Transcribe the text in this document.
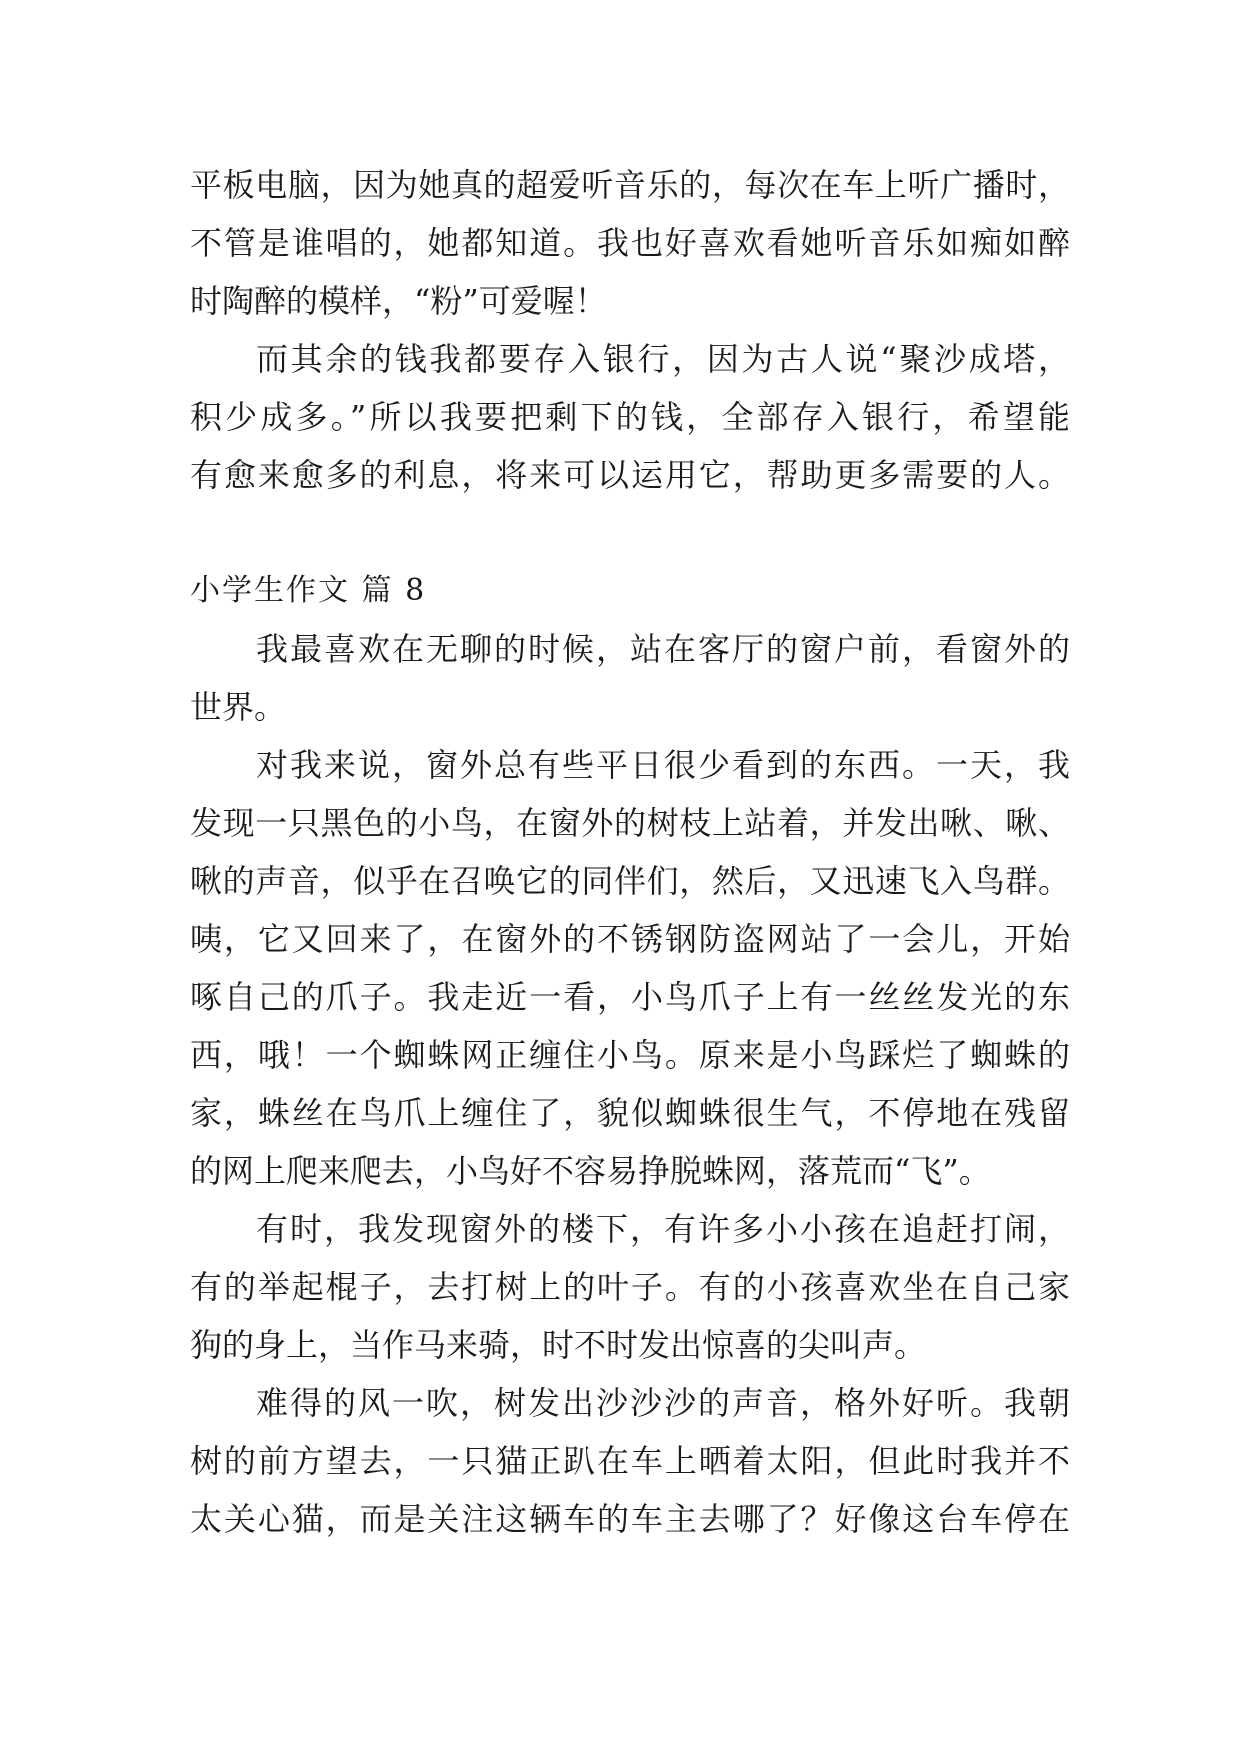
平板电脑，因为她真的超爱听音乐的，每次在车上听广播时，
不管是谁唱的，她都知道。我也好喜欢看她听音乐如痴如醉
时陶醉的模样，“粉”可爱喔！
而其余的钱我都要存入银行，因为古人说“聚沙成塔，
积少成多。”所以我要把剩下的钱，全部存入银行，希望能
有愈来愈多的利息，将来可以运用它，帮助更多需要的人。
小学生作文 篇 8
我最喜欢在无聊的时候，站在客厅的窗户前，看窗外的
世界。
对我来说，窗外总有些平日很少看到的东西。一天，我
发现一只黑色的小鸟，在窗外的树枝上站着，并发出啾、啾、
啾的声音，似乎在召唤它的同伴们，然后，又迅速飞入鸟群。
咦，它又回来了，在窗外的不锈钢防盗网站了一会儿，开始
啄自己的爪子。我走近一看，小鸟爪子上有一丝丝发光的东
西，哦！一个蜘蛛网正缠住小鸟。原来是小鸟踩烂了蜘蛛的
家，蛛丝在鸟爪上缠住了，貌似蜘蛛很生气，不停地在残留
的网上爬来爬去，小鸟好不容易挣脱蛛网，落荒而“飞”。
有时，我发现窗外的楼下，有许多小小孩在追赶打闹，
有的举起棍子，去打树上的叶子。有的小孩喜欢坐在自己家
狗的身上，当作马来骑，时不时发出惊喜的尖叫声。
难得的风一吹，树发出沙沙沙的声音，格外好听。我朝
树的前方望去，一只猫正趴在车上晒着太阳，但此时我并不
太关心猫，而是关注这辆车的车主去哪了？好像这台车停在
